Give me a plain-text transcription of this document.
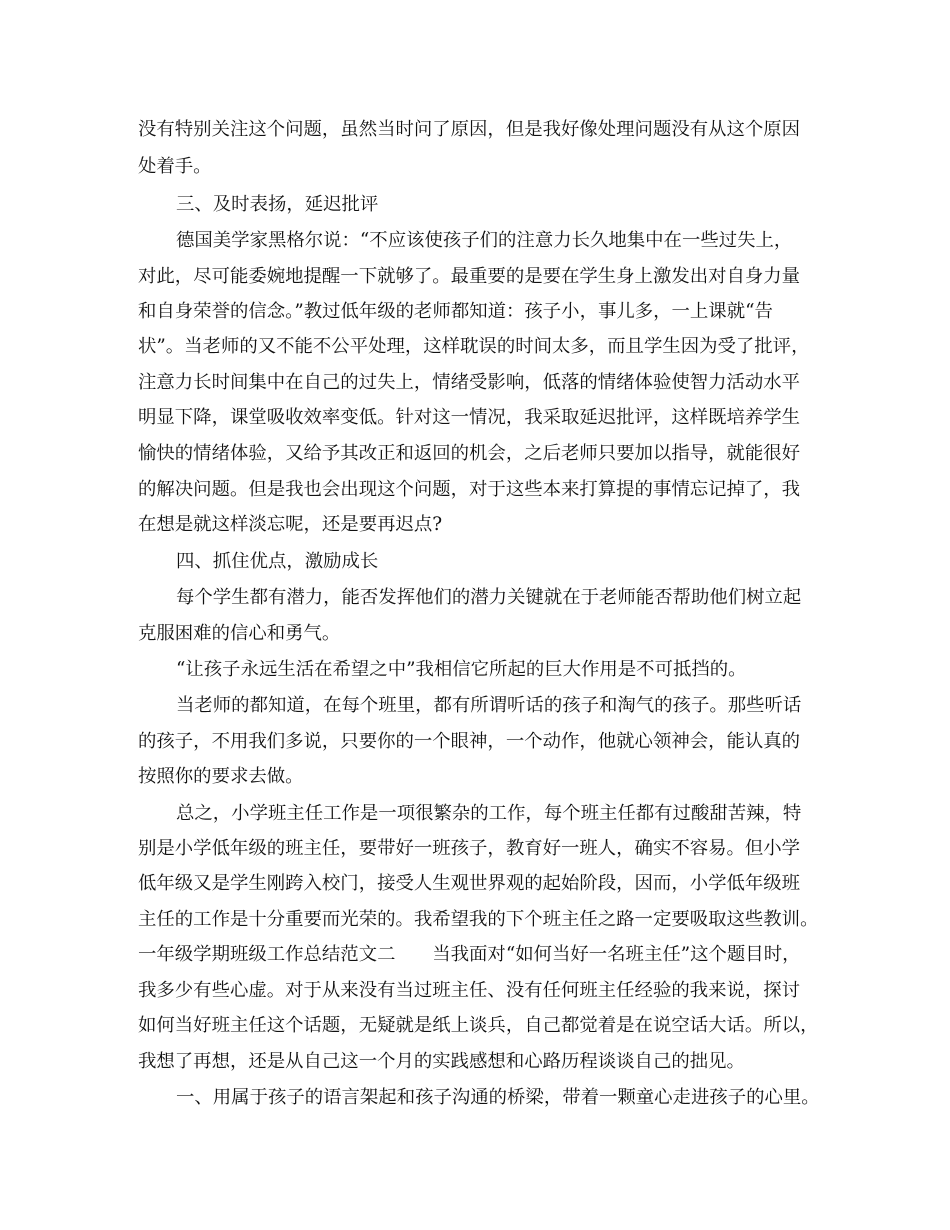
没有特别关注这个问题，虽然当时问了原因，但是我好像处理问题没有从这个原因
处着手。
三、及时表扬，延迟批评
德国美学家黑格尔说：“不应该使孩子们的注意力长久地集中在一些过失上，
对此，尽可能委婉地提醒一下就够了。最重要的是要在学生身上激发出对自身力量
和自身荣誉的信念。”教过低年级的老师都知道：孩子小，事儿多，一上课就“告
状”。当老师的又不能不公平处理，这样耽误的时间太多，而且学生因为受了批评，
注意力长时间集中在自己的过失上，情绪受影响，低落的情绪体验使智力活动水平
明显下降，课堂吸收效率变低。针对这一情况，我采取延迟批评，这样既培养学生
愉快的情绪体验，又给予其改正和返回的机会，之后老师只要加以指导，就能很好
的解决问题。但是我也会出现这个问题，对于这些本来打算提的事情忘记掉了，我
在想是就这样淡忘呢，还是要再迟点?
四、抓住优点，激励成长
每个学生都有潜力，能否发挥他们的潜力关键就在于老师能否帮助他们树立起
克服困难的信心和勇气。
“让孩子永远生活在希望之中”我相信它所起的巨大作用是不可抵挡的。
当老师的都知道，在每个班里，都有所谓听话的孩子和淘气的孩子。那些听话
的孩子，不用我们多说，只要你的一个眼神，一个动作，他就心领神会，能认真的
按照你的要求去做。
总之，小学班主任工作是一项很繁杂的工作，每个班主任都有过酸甜苦辣，特
别是小学低年级的班主任，要带好一班孩子，教育好一班人，确实不容易。但小学
低年级又是学生刚跨入校门，接受人生观世界观的起始阶段，因而，小学低年级班
主任的工作是十分重要而光荣的。我希望我的下个班主任之路一定要吸取这些教训。
一年级学期班级工作总结范文二　　当我面对“如何当好一名班主任”这个题目时，
我多少有些心虚。对于从来没有当过班主任、没有任何班主任经验的我来说，探讨
如何当好班主任这个话题，无疑就是纸上谈兵，自己都觉着是在说空话大话。所以，
我想了再想，还是从自己这一个月的实践感想和心路历程谈谈自己的拙见。
一、用属于孩子的语言架起和孩子沟通的桥梁，带着一颗童心走进孩子的心里。
